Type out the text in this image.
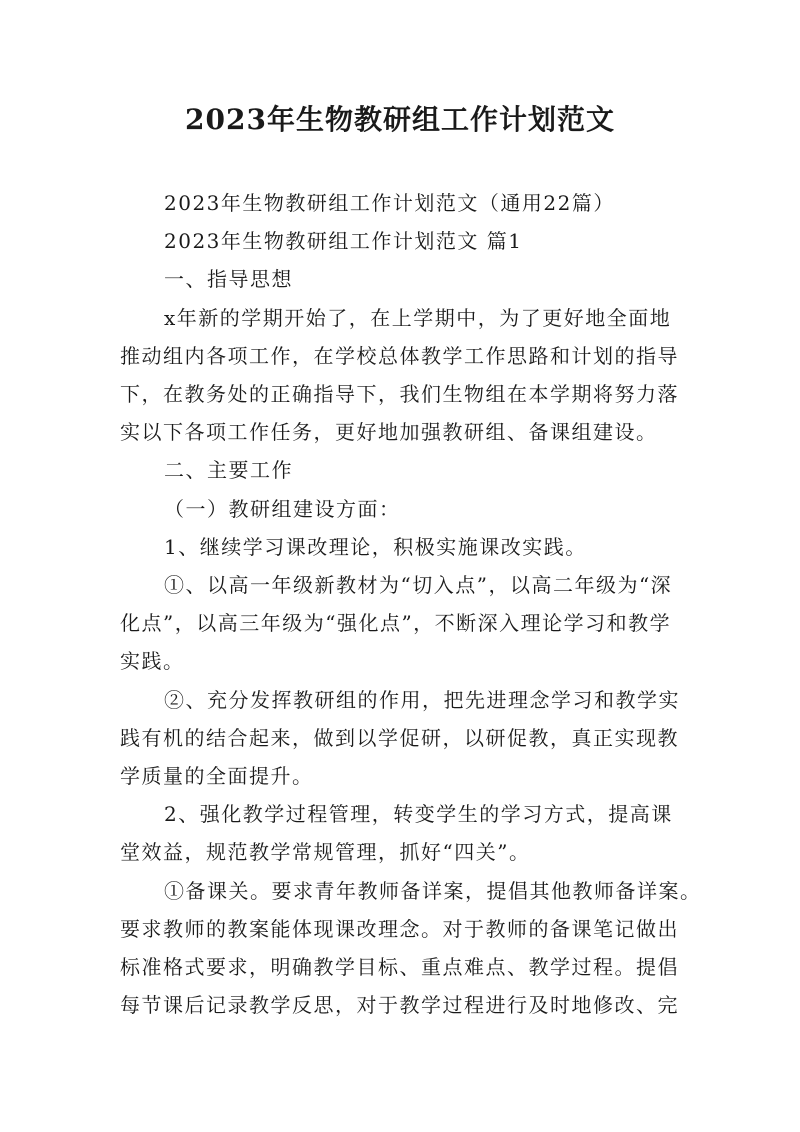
2023年生物教研组工作计划范文

2023年生物教研组工作计划范文（通用22篇）

2023年生物教研组工作计划范文 篇1

一、指导思想

x年新的学期开始了，在上学期中，为了更好地全面地

推动组内各项工作，在学校总体教学工作思路和计划的指导

下，在教务处的正确指导下，我们生物组在本学期将努力落

实以下各项工作任务，更好地加强教研组、备课组建设。

二、主要工作

（一）教研组建设方面：

1、继续学习课改理论，积极实施课改实践。

①、以高一年级新教材为“切入点”，以高二年级为“深

化点”，以高三年级为“强化点”，不断深入理论学习和教学

实践。

②、充分发挥教研组的作用，把先进理念学习和教学实

践有机的结合起来，做到以学促研，以研促教，真正实现教

学质量的全面提升。

2、强化教学过程管理，转变学生的学习方式，提高课

堂效益，规范教学常规管理，抓好“四关”。

①备课关。要求青年教师备详案，提倡其他教师备详案。

要求教师的教案能体现课改理念。对于教师的备课笔记做出

标准格式要求，明确教学目标、重点难点、教学过程。提倡

每节课后记录教学反思，对于教学过程进行及时地修改、完
